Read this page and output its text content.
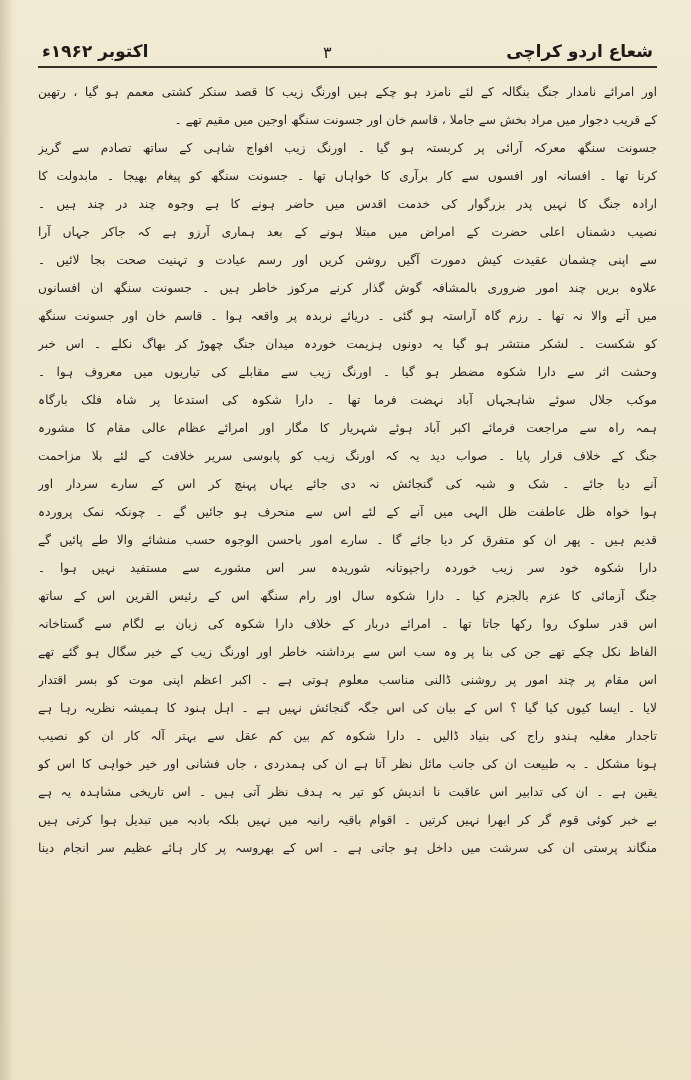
شعاع اردو کراچی
۳
اکتوبر ۱۹۶۲ء
اور امرائے نامدار جنگ بنگالہ کے لئے نامزد ہو چکے ہیں اورنگ زیب کا قصد سنکر کشتی معمم ہو گیا ، رتھین
کے قریب دجوار میں مراد بخش سے جاملا ، قاسم خان اور جسونت سنگھ اوجین میں مقیم تھے ۔
جسونت سنگھ معرکہ آرائی پر کربستہ ہو گیا ۔ اورنگ زیب افواج شاہی کے ساتھ تصادم سے گریز
کرنا تھا ۔ افسانہ اور افسوں سے کار برآری کا خواہاں تھا ۔ جسونت سنگھ کو پیغام بھیجا ۔ مابدولت کا
ارادہ جنگ کا نہیں پدر بزرگوار کی خدمت اقدس میں حاضر ہونے کا ہے وجوہ چند در چند ہیں ۔
نصیب دشمناں اعلی حضرت کے امراض میں مبتلا ہونے کے بعد ہماری آرزو ہے کہ جاکر جہاں آرا
سے اپنی چشمان عقیدت کیش دمورت آگیں روشن کریں اور رسم عیادت و تہنیت صحت بجا لائیں ۔
علاوہ بریں چند امور ضروری بالمشافہ گوش گذار کرنے مرکوز خاطر ہیں ۔ جسونت سنگھ ان افسانوں
میں آنے والا نہ تھا ۔ رزم گاہ آراستہ ہو گئی ۔ دریائے نربدہ پر واقعہ ہوا ۔ قاسم خان اور جسونت سنگھ
کو شکست ۔ لشکر منتشر ہو گیا یہ دونوں ہزیمت خوردہ میدان جنگ چھوڑ کر بھاگ نکلے ۔ اس خبر
وحشت اثر سے دارا شکوہ مضطر ہو گیا ۔ اورنگ زیب سے مقابلے کی تیاریوں میں معروف ہوا ۔
موکب جلال سوئے شاہجہاں آباد نہضت فرما تھا ۔ دارا شکوہ کی استدعا پر شاہ فلک بارگاہ
ہمہ راہ سے مراجعت فرمائے اکبر آباد ہوئے شہریار کا مگار اور امرائے عظام عالی مقام کا مشورہ
جنگ کے خلاف قرار پایا ۔ صواب دید یہ کہ اورنگ زیب کو پابوسی سریر خلافت کے لئے بلا مزاحمت
آنے دیا جائے ۔ شک و شبہ کی گنجائش نہ دی جائے یہاں پہنچ کر اس کے سارے سردار اور
ہوا خواہ ظل عاطفت ظل الہی میں آنے کے لئے اس سے منحرف ہو جائیں گے ۔ چونکہ نمک پروردہ
قدیم ہیں ۔ پھر ان کو متفرق کر دیا جائے گا ۔ سارے امور باحسن الوجوہ حسب منشائے والا طے پائیں گے
دارا شکوہ خود سر زیب خوردہ راجپوتانہ شوریدہ سر اس مشورے سے مستفید نہیں ہوا ۔
جنگ آزمائی کا عزم بالجزم کیا ۔ دارا شکوہ سال اور رام سنگھ اس کے رئیس القرین اس کے ساتھ
اس قدر سلوک روا رکھا جاتا تھا ۔ امرائے دربار کے خلاف دارا شکوہ کی زبان بے لگام سے گستاخانہ
الفاظ نکل چکے تھے جن کی بنا پر وہ سب اس سے برداشتہ خاطر اور اورنگ زیب کے خیر سگال ہو گئے تھے
اس مقام پر چند امور پر روشنی ڈالنی مناسب معلوم ہوتی ہے ۔ اکبر اعظم اپنی موت کو بسر اقتدار
لایا ۔ ایسا کیوں کیا گیا ؟ اس کے بیان کی اس جگہ گنجائش نہیں ہے ۔ اہل ہنود کا ہمیشہ نظریہ رہا ہے
تاجدار مغلیہ ہندو راج کی بنیاد ڈالیں ۔ دارا شکوہ کم بین کم عقل سے بہتر آلہ کار ان کو نصیب
ہونا مشکل ۔ بہ طبیعت ان کی جانب مائل نظر آتا ہے ان کی ہمدردی ، جاں فشانی اور خیر خواہی کا اس کو
یقین ہے ۔ ان کی تدابیر اس عاقبت نا اندیش کو تیر بہ ہدف نظر آتی ہیں ۔ اس تاریخی مشاہدہ یہ ہے
بے خبر کوئی قوم گر کر ابھرا نہیں کرتیں ۔ اقوام باقیہ رانیہ میں نہیں بلکہ بادبہ میں تبدیل ہوا کرتی ہیں
منگاند پرستی ان کی سرشت میں داخل ہو جاتی ہے ۔ اس کے بھروسہ پر کار ہائے عظیم سر انجام دینا
